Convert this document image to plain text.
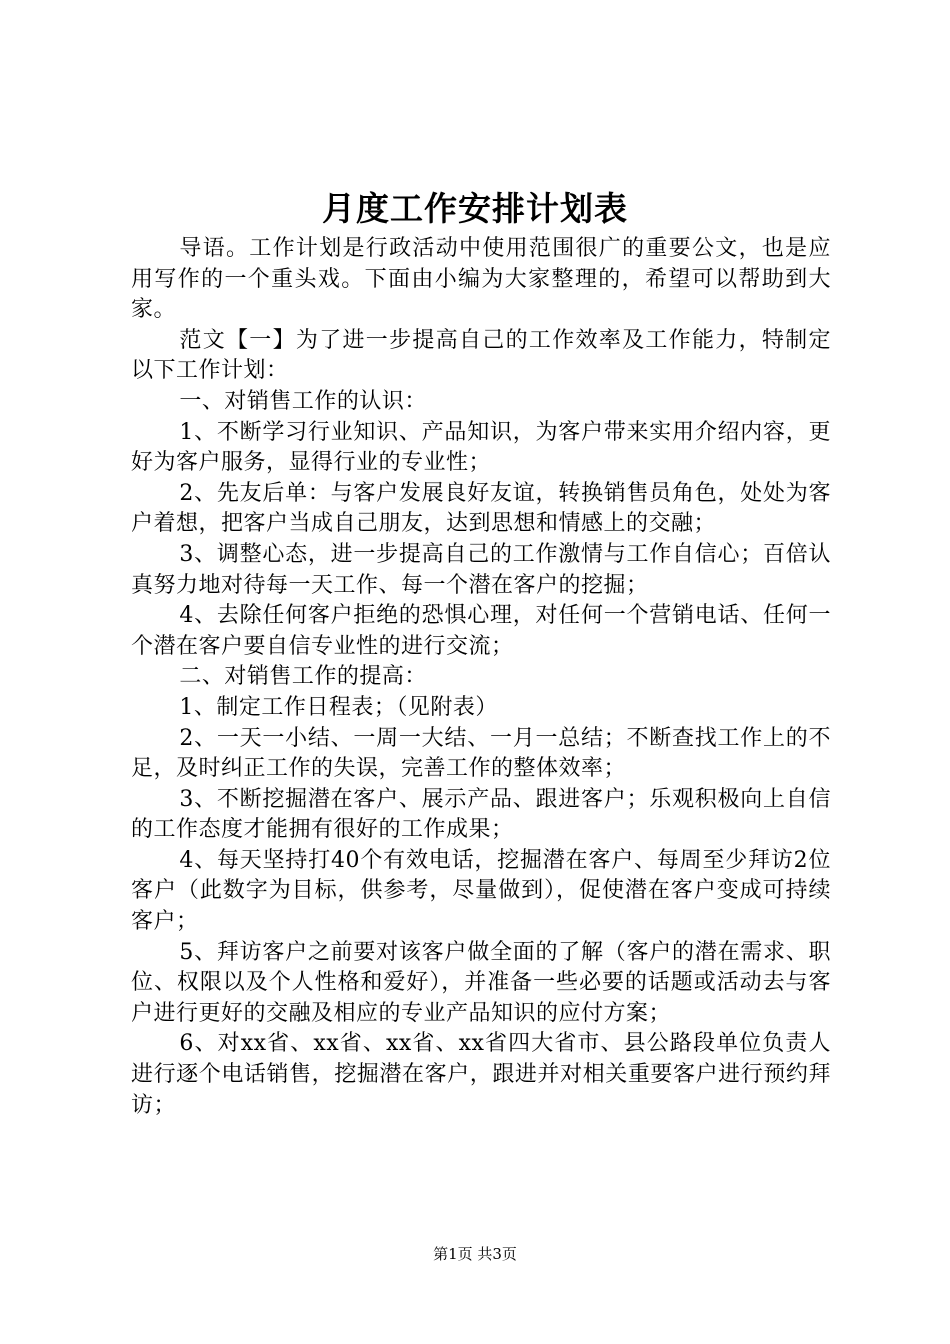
月度工作安排计划表

导语。工作计划是行政活动中使用范围很广的重要公文，也是应用写作的一个重头戏。下面由小编为大家整理的，希望可以帮助到大家。

范文【一】为了进一步提高自己的工作效率及工作能力，特制定以下工作计划：

一、对销售工作的认识：

1、不断学习行业知识、产品知识，为客户带来实用介绍内容，更好为客户服务，显得行业的专业性；

2、先友后单：与客户发展良好友谊，转换销售员角色，处处为客户着想，把客户当成自己朋友，达到思想和情感上的交融；

3、调整心态，进一步提高自己的工作激情与工作自信心；百倍认真努力地对待每一天工作、每一个潜在客户的挖掘；

4、去除任何客户拒绝的恐惧心理，对任何一个营销电话、任何一个潜在客户要自信专业性的进行交流；

二、对销售工作的提高：

1、制定工作日程表；（见附表）

2、一天一小结、一周一大结、一月一总结；不断查找工作上的不足，及时纠正工作的失误，完善工作的整体效率；

3、不断挖掘潜在客户、展示产品、跟进客户；乐观积极向上自信的工作态度才能拥有很好的工作成果；

4、每天坚持打40个有效电话，挖掘潜在客户、每周至少拜访2位客户（此数字为目标，供参考，尽量做到），促使潜在客户变成可持续客户；

5、拜访客户之前要对该客户做全面的了解（客户的潜在需求、职位、权限以及个人性格和爱好），并准备一些必要的话题或活动去与客户进行更好的交融及相应的专业产品知识的应付方案；

6、对xx省、xx省、xx省、xx省四大省市、县公路段单位负责人进行逐个电话销售，挖掘潜在客户，跟进并对相关重要客户进行预约拜访；

第1页 共3页
